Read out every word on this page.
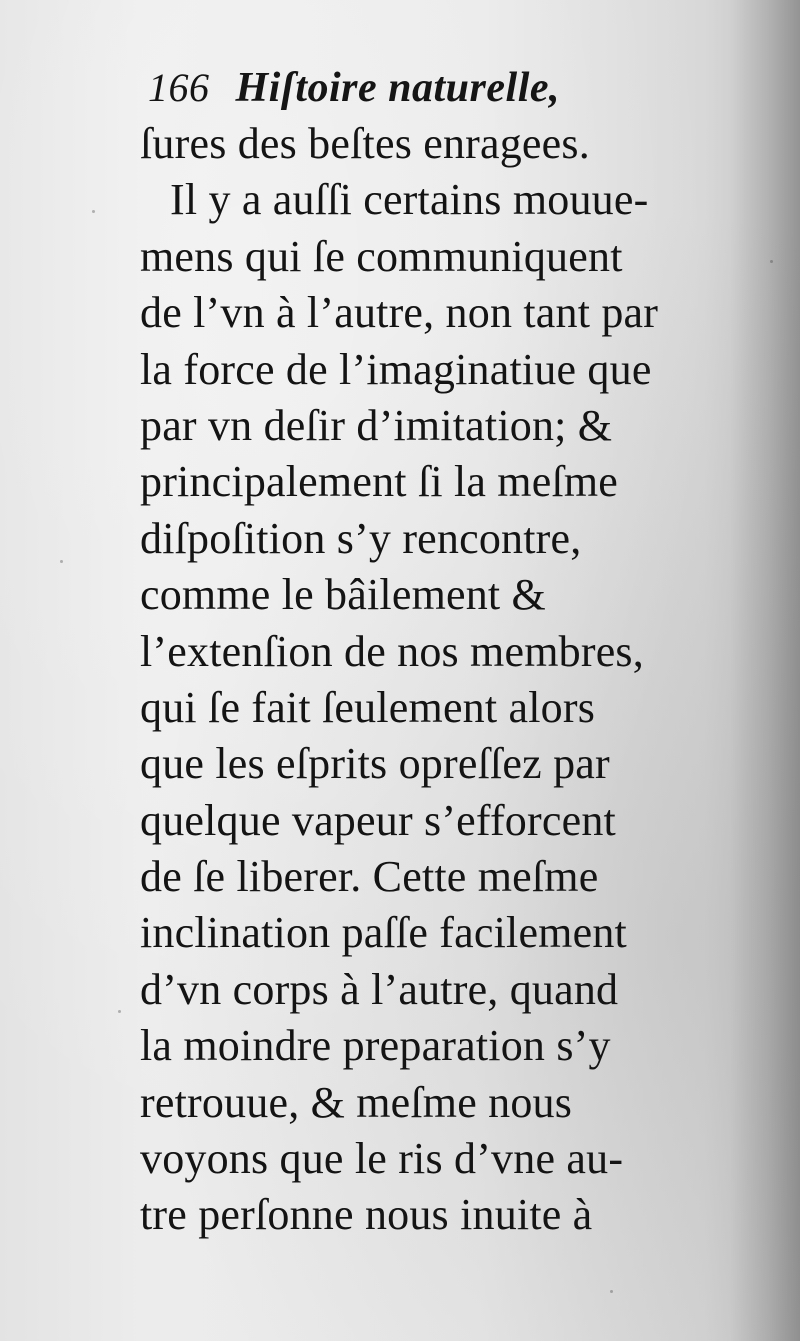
166 Hiſtoire naturelle,
ſures des beſtes enragees.
Il y a auſſi certains mouue-
mens qui ſe communiquent
de l’vn à l’autre, non tant par
la force de l’imaginatiue que
par vn deſir d’imitation; &
principalement ſi la meſme
diſpoſition s’y rencontre,
comme le bâilement &
l’extenſion de nos membres,
qui ſe fait ſeulement alors
que les eſprits opreſſez par
quelque vapeur s’efforcent
de ſe liberer. Cette meſme
inclination paſſe facilement
d’vn corps à l’autre, quand
la moindre preparation s’y
retrouue, & meſme nous
voyons que le ris d’vne au-
tre perſonne nous inuite à
